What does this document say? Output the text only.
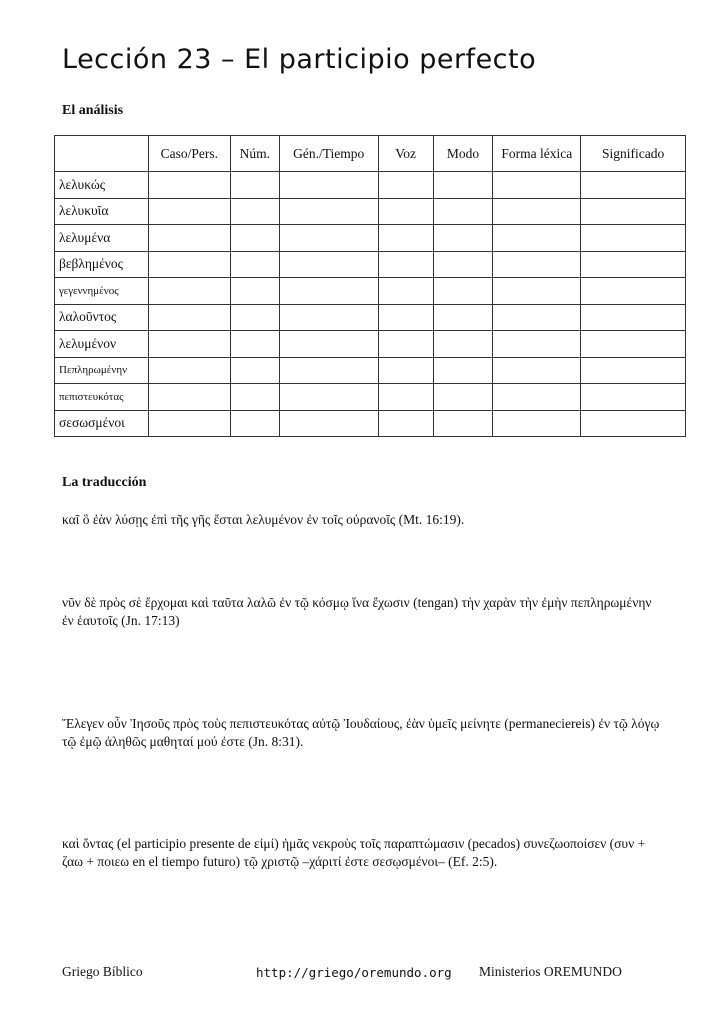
Lección 23 – El participio perfecto
El análisis
	Caso/Pers.	Núm.	Gén./Tiempo	Voz	Modo	Forma léxica	Significado
λελυκώς							
λελυκυῖα							
λελυμένα							
βεβλημένος							
γεγεννημένος							
λαλοῦντος							
λελυμένον							
Πεπληρωμένην							
πεπιστευκότας							
σεσωσμένοι							
La traducción
καῖ ὃ ἐὰν λύσῃς ἐπὶ τῆς γῆς ἔσται λελυμένον ἐν τοῖς οὐρανοῖς (Mt. 16:19).
νῦν δὲ πρὸς σὲ ἔρχομαι καὶ ταῦτα λαλῶ ἐν τῷ κόσμῳ ἵνα ἔχωσιν (tengan) τὴν χαρὰν τὴν ἐμὴν πεπληρωμένην ἐν ἑαυτοῖς (Jn. 17:13)
Ἔλεγεν οὖν Ἰησοῦς πρὸς τοὺς πεπιστευκότας αὐτῷ Ἰουδαίους, ἐὰν ὑμεῖς μείνητε (permaneciereis) ἐν τῷ λόγῳ τῷ ἐμῷ ἀληθῶς μαθηταί μού ἐστε (Jn. 8:31).
καὶ ὄντας (el participio presente de εἰμί) ἡμᾶς νεκροὺς τοῖς παραπτώμασιν (pecados) συνεζωοποίσεν (συν + ζαω + ποιεω en el tiempo futuro) τῷ χριστῷ –χάριτί ἐστε σεσῳσμένοι– (Ef. 2:5).
Griego Bíblico	http://griego/oremundo.org Ministerios OREMUNDO
